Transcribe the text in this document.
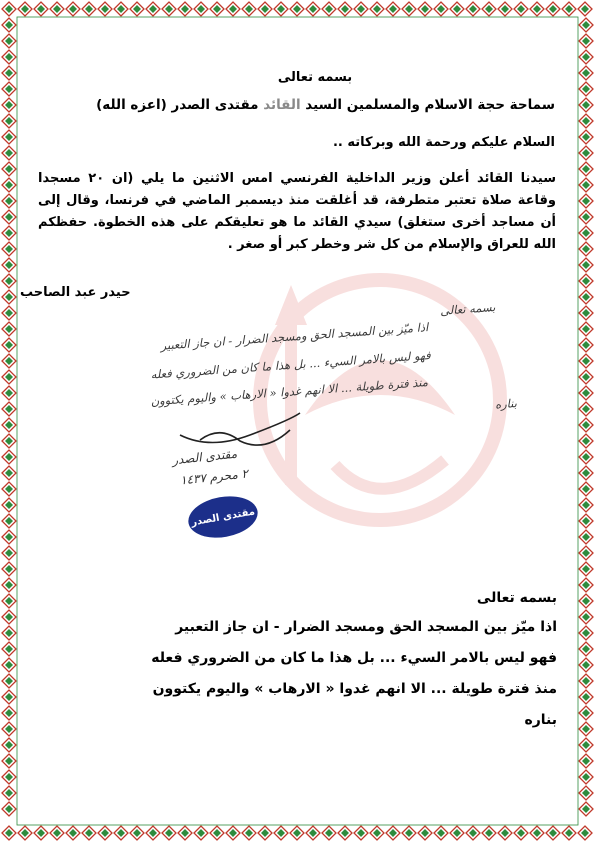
بسمه تعالى
سماحة حجة الاسلام والمسلمين السيد القائد مقتدى الصدر (اعزه الله)
السلام عليكم ورحمة الله وبركاته ..
سيدنا القائد أعلن وزير الداخلية الفرنسي امس الاثنين ما يلي (ان ٢٠ مسجدا وقاعة صلاة تعتبر متطرفة، قد أغلقت منذ ديسمبر الماضي في فرنسا، وقال إلى أن مساجد أخرى ستغلق) سيدي القائد ما هو تعليقكم على هذه الخطوة. حفظكم الله للعراق والإسلام من كل شر وخطر كبر أو صغر .
حيدر عبد الصاحب
بسمه تعالى
اذا ميّز بين المسجد الحق ومسجد الضرار - ان جاز التعبير
فهو ليس بالامر السيء ... بل هذا ما كان من الضروري فعله
منذ فترة طويلة ... الا انهم غدوا « الارهاب » واليوم يكتوون	بناره
مقتدى الصدر
٢ محرم ١٤٣٧
مقتدى الصدر
بسمه تعالى
اذا ميّز بين المسجد الحق ومسجد الضرار - ان جاز التعبير
فهو ليس بالامر السيء ... بل هذا ما كان من الضروري فعله
منذ فترة طويلة ... الا انهم غدوا « الارهاب » واليوم يكتوون
بناره
